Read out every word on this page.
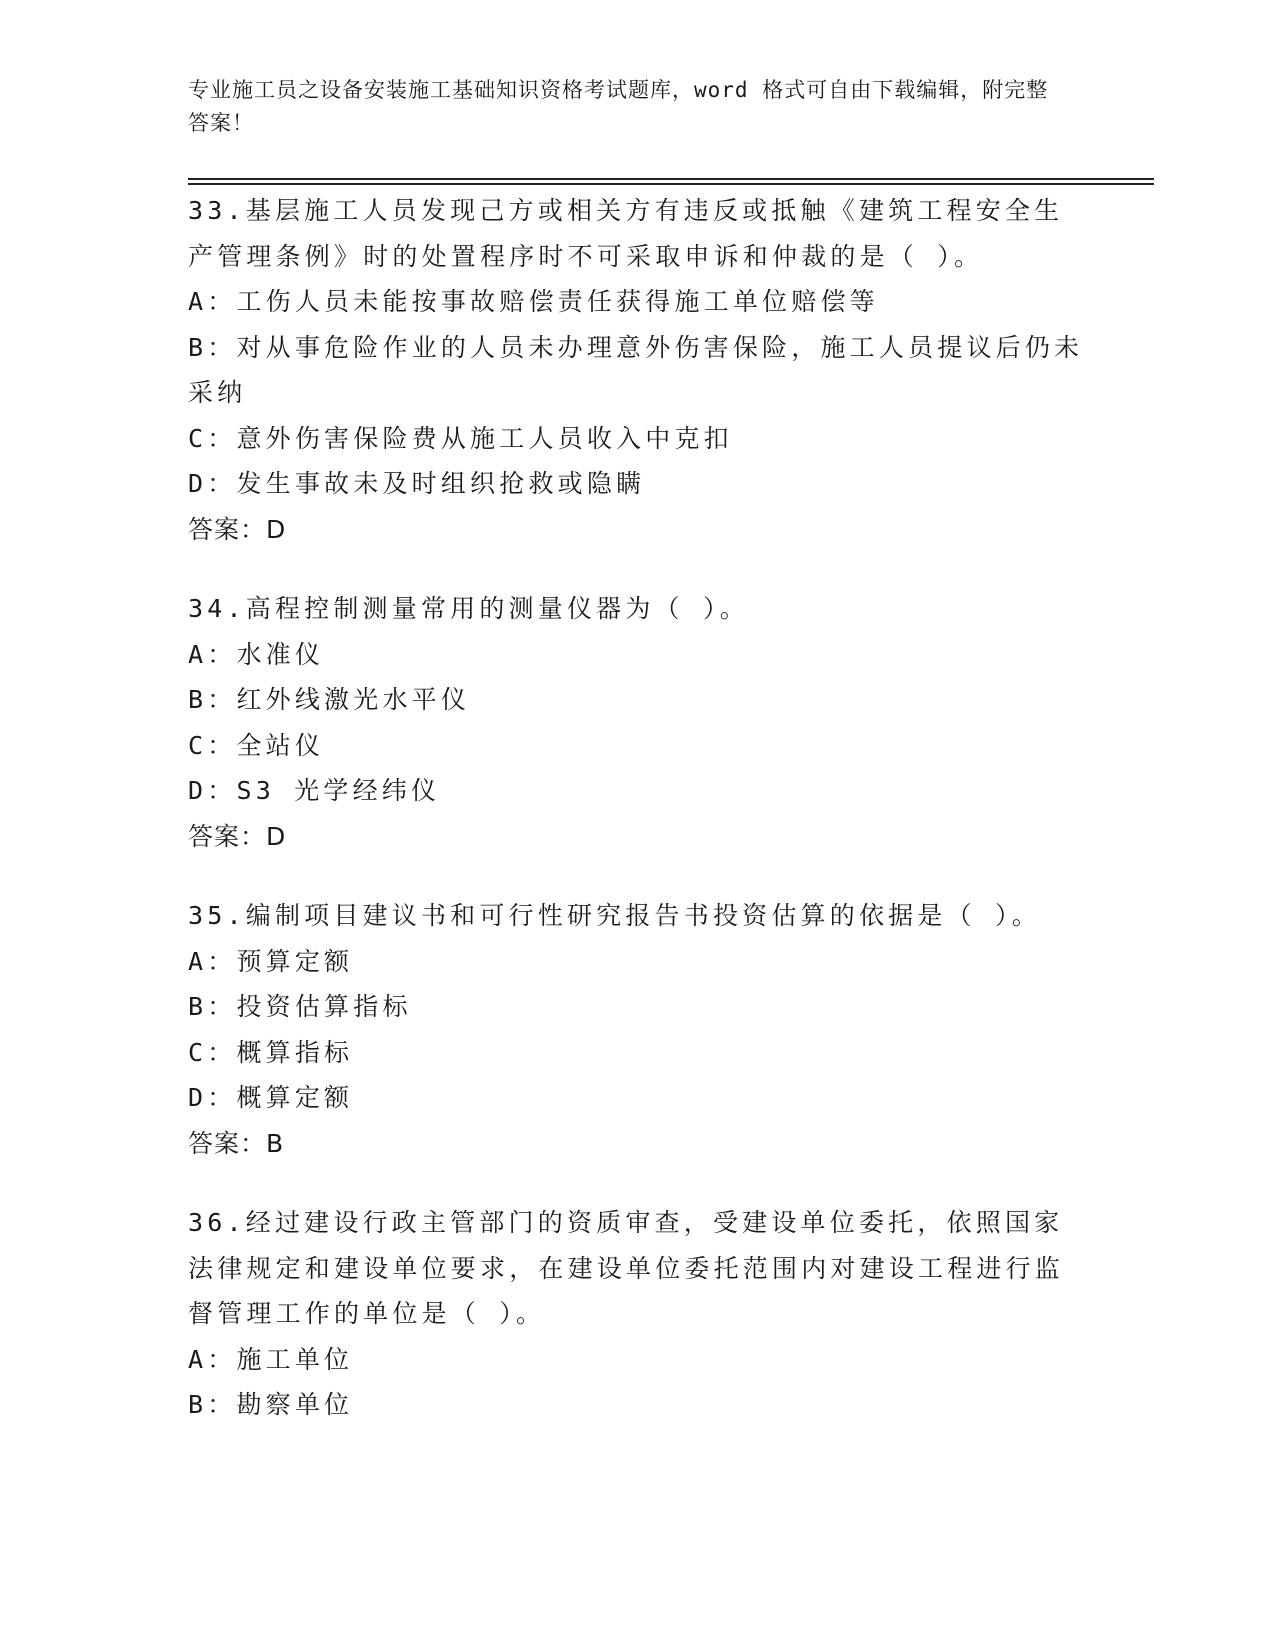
专业施工员之设备安装施工基础知识资格考试题库，word 格式可自由下载编辑，附完整答案！

33.基层施工人员发现己方或相关方有违反或抵触《建筑工程安全生产管理条例》时的处置程序时不可采取申诉和仲裁的是（ ）。

A：工伤人员未能按事故赔偿责任获得施工单位赔偿等

B：对从事危险作业的人员未办理意外伤害保险，施工人员提议后仍未采纳

C：意外伤害保险费从施工人员收入中克扣

D：发生事故未及时组织抢救或隐瞒

答案：D

34.高程控制测量常用的测量仪器为（ ）。

A：水准仪

B：红外线激光水平仪

C：全站仪

D：S3 光学经纬仪

答案：D

35.编制项目建议书和可行性研究报告书投资估算的依据是（ ）。

A：预算定额

B：投资估算指标

C：概算指标

D：概算定额

答案：B

36.经过建设行政主管部门的资质审查，受建设单位委托，依照国家法律规定和建设单位要求，在建设单位委托范围内对建设工程进行监督管理工作的单位是（ ）。

A：施工单位

B：勘察单位
